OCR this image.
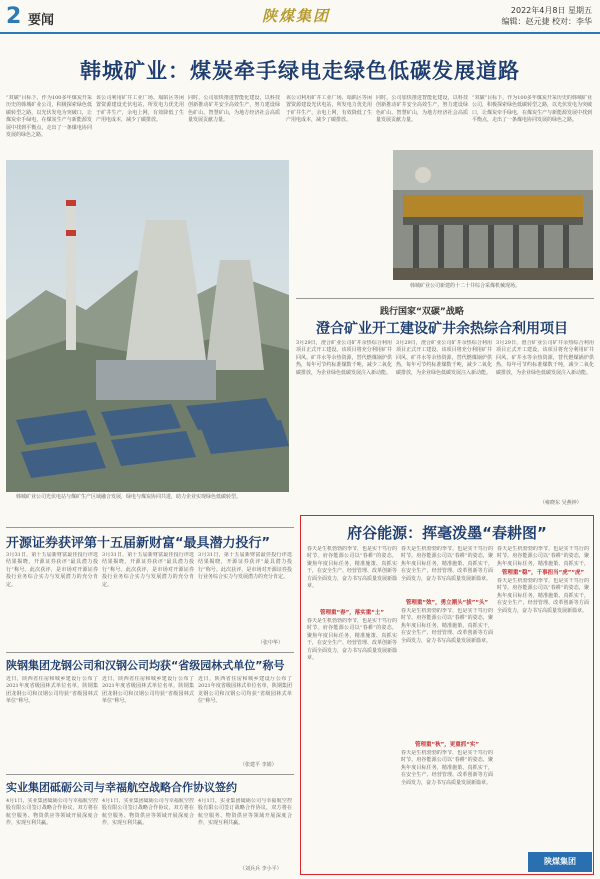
2 要闻	陕煤集团	2022年4月8日 星期五
编辑：赵元捷 校对：李华
韩城矿业：煤炭牵手绿电走绿色低碳发展道路
“双碳”目标下，作为100多年煤炭开采历史的韩城矿业公司，积极探索绿色低碳转型之路，以光伏发电为突破口，让煤炭牵手绿电，在煤炭生产与新能源发展中找到平衡点，走出了一条煤电协同发展的绿色之路。
该公司利用矿井工业广场、塌陷区等闲置资源建设光伏电站，所发电力优先用于矿井生产，余电上网，有效降低了生产用电成本，减少了碳排放。
同时，公司加快推进智能化建设，以科技创新推动矿井安全高效生产，努力建设绿色矿山、智慧矿山，为地方经济社会高质量发展贡献力量。
该公司利用矿井工业广场、塌陷区等闲置资源建设光伏电站，所发电力优先用于矿井生产，余电上网，有效降低了生产用电成本，减少了碳排放。
同时，公司加快推进智能化建设，以科技创新推动矿井安全高效生产，努力建设绿色矿山、智慧矿山，为地方经济社会高质量发展贡献力量。
“双碳”目标下，作为100多年煤炭开采历史的韩城矿业公司，积极探索绿色低碳转型之路，以光伏发电为突破口，让煤炭牵手绿电，在煤炭生产与新能源发展中找到平衡点，走出了一条煤电协同发展的绿色之路。
韩城矿业公司新建的十二十井综合采煤机械现场。
韩城矿业公司光伏电站与煤矿生产区域融合发展，绿电与煤炭协同共进，助力企业实现绿色低碳转型。
践行国家“双碳”战略
澄合矿业开工建设矿井余热综合利用项目
3月29日，澄合矿业公司矿井余热综合利用项目正式开工建设。该项目将充分利用矿井回风、矿井水等余热资源，替代燃煤锅炉供热，每年可节约标准煤数千吨，减少二氧化碳排放，为企业绿色低碳发展注入新动能。
3月29日，澄合矿业公司矿井余热综合利用项目正式开工建设。该项目将充分利用矿井回风、矿井水等余热资源，替代燃煤锅炉供热，每年可节约标准煤数千吨，减少二氧化碳排放，为企业绿色低碳发展注入新动能。
3月29日，澄合矿业公司矿井余热综合利用项目正式开工建设。该项目将充分利用矿井回风、矿井水等余热资源，替代燃煤锅炉供热，每年可节约标准煤数千吨，减少二氧化碳排放，为企业绿色低碳发展注入新动能。
（雍晓东 吴燕钟）
开源证券获评第十五届新财富“最具潜力投行”
3月31日，第十五届新财富最佳投行评选结果揭晓，开源证券获评“最具潜力投行”称号。此次获评，是市场对开源证券投行业务综合实力与发展潜力的充分肯定。
3月31日，第十五届新财富最佳投行评选结果揭晓，开源证券获评“最具潜力投行”称号。此次获评，是市场对开源证券投行业务综合实力与发展潜力的充分肯定。
3月31日，第十五届新财富最佳投行评选结果揭晓，开源证券获评“最具潜力投行”称号。此次获评，是市场对开源证券投行业务综合实力与发展潜力的充分肯定。
（张中华）
陕钢集团龙钢公司和汉钢公司均获“省级园林式单位”称号
近日，陕西省住房和城乡建设厅公布了2021年度省级园林式单位名单，陕钢集团龙钢公司和汉钢公司均获“省级园林式单位”称号。
近日，陕西省住房和城乡建设厅公布了2021年度省级园林式单位名单，陕钢集团龙钢公司和汉钢公司均获“省级园林式单位”称号。
近日，陕西省住房和城乡建设厅公布了2021年度省级园林式单位名单，陕钢集团龙钢公司和汉钢公司均获“省级园林式单位”称号。
（张建平 李娟）
实业集团砥砺公司与幸福航空战略合作协议签约
4月1日，实业集团砥砺公司与幸福航空控股有限公司签订战略合作协议，双方将在航空服务、物资供应等领域开展深度合作，实现互利共赢。
4月1日，实业集团砥砺公司与幸福航空控股有限公司签订战略合作协议，双方将在航空服务、物资供应等领域开展深度合作，实现互利共赢。
4月1日，实业集团砥砺公司与幸福航空控股有限公司签订战略合作协议，双方将在航空服务、物资供应等领域开展深度合作，实现互利共赢。
（刘兵兵 李小平）
府谷能源：挥毫泼墨“春耕图”
春天是生机勃勃的季节，也是实干笃行的时节。府谷能源公司以“春耕”的姿态，聚焦年度目标任务，精准施策、真抓实干，在安全生产、经营管理、改革创新等方面全面发力，奋力书写高质量发展新篇章。
管理重“春”，落实重“土”
春天是生机勃勃的季节，也是实干笃行的时节。府谷能源公司以“春耕”的姿态，聚焦年度目标任务，精准施策、真抓实干，在安全生产、经营管理、改革创新等方面全面发力，奋力书写高质量发展新篇章。
春天是生机勃勃的季节，也是实干笃行的时节。府谷能源公司以“春耕”的姿态，聚焦年度目标任务，精准施策、真抓实干，在安全生产、经营管理、改革创新等方面全面发力，奋力书写高质量发展新篇章。
管理重“效”，勇立潮头“拔”“头”
春天是生机勃勃的季节，也是实干笃行的时节。府谷能源公司以“春耕”的姿态，聚焦年度目标任务，精准施策、真抓实干，在安全生产、经营管理、改革创新等方面全面发力，奋力书写高质量发展新篇章。
管理重“秋”，更重抓“实”
春天是生机勃勃的季节，也是实干笃行的时节。府谷能源公司以“春耕”的姿态，聚焦年度目标任务，精准施策、真抓实干，在安全生产、经营管理、改革创新等方面全面发力，奋力书写高质量发展新篇章。
春天是生机勃勃的季节，也是实干笃行的时节。府谷能源公司以“春耕”的姿态，聚焦年度目标任务，精准施策、真抓实干，
管理重“稳”，千事担当“虎”“虎”
春天是生机勃勃的季节，也是实干笃行的时节。府谷能源公司以“春耕”的姿态，聚焦年度目标任务，精准施策、真抓实干，在安全生产、经营管理、改革创新等方面全面发力，奋力书写高质量发展新篇章。
陕煤集团
